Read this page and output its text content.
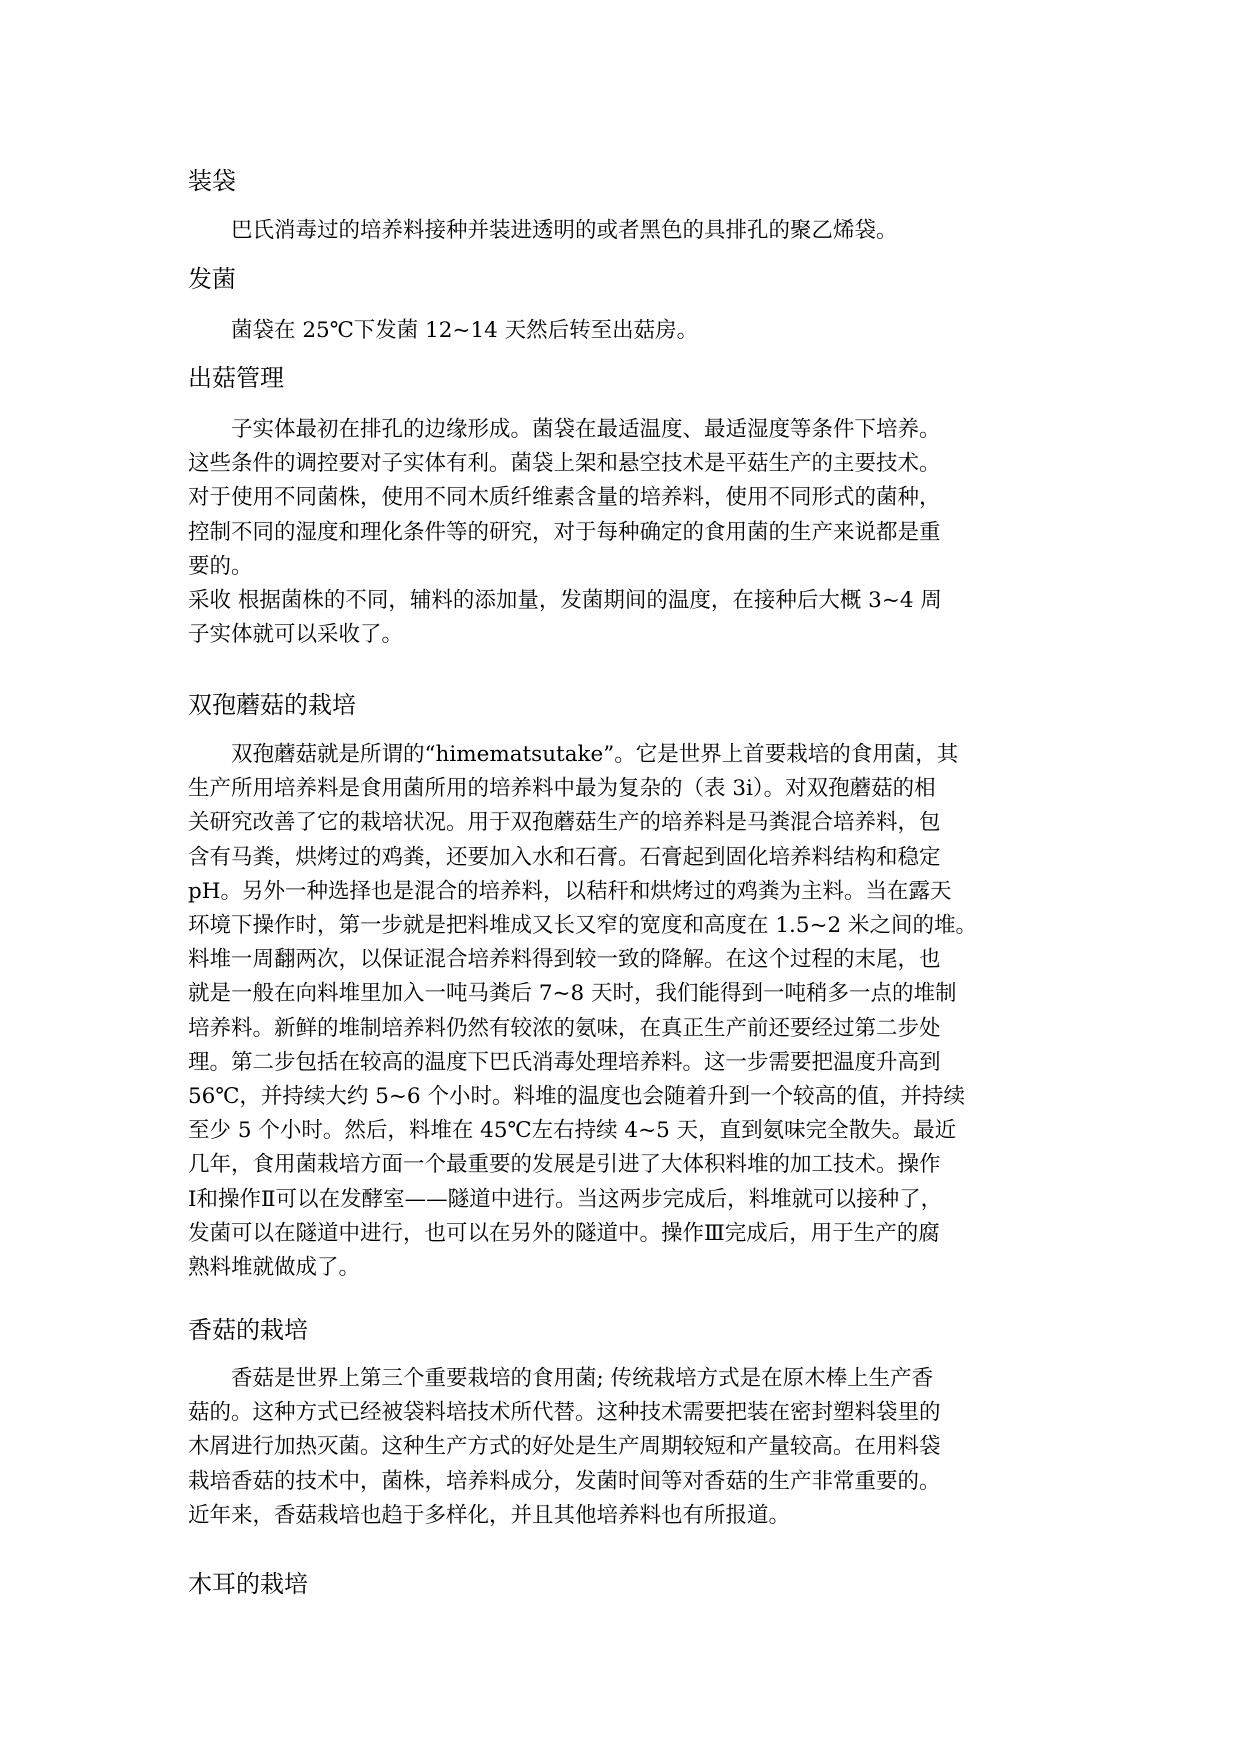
装袋

巴氏消毒过的培养料接种并装进透明的或者黑色的具排孔的聚乙烯袋。

发菌

菌袋在 25℃下发菌 12~14 天然后转至出菇房。

出菇管理

子实体最初在排孔的边缘形成。菌袋在最适温度、最适湿度等条件下培养。
这些条件的调控要对子实体有利。菌袋上架和悬空技术是平菇生产的主要技术。
对于使用不同菌株，使用不同木质纤维素含量的培养料，使用不同形式的菌种，
控制不同的湿度和理化条件等的研究，对于每种确定的食用菌的生产来说都是重
要的。

采收 根据菌株的不同，辅料的添加量，发菌期间的温度，在接种后大概 3~4 周
子实体就可以采收了。

双孢蘑菇的栽培

双孢蘑菇就是所谓的“himematsutake”。它是世界上首要栽培的食用菌，其
生产所用培养料是食用菌所用的培养料中最为复杂的（表 3i）。对双孢蘑菇的相
关研究改善了它的栽培状况。用于双孢蘑菇生产的培养料是马粪混合培养料，包
含有马粪，烘烤过的鸡粪，还要加入水和石膏。石膏起到固化培养料结构和稳定
pH。另外一种选择也是混合的培养料，以秸秆和烘烤过的鸡粪为主料。当在露天
环境下操作时，第一步就是把料堆成又长又窄的宽度和高度在 1.5~2 米之间的堆。
料堆一周翻两次，以保证混合培养料得到较一致的降解。在这个过程的末尾，也
就是一般在向料堆里加入一吨马粪后 7~8 天时，我们能得到一吨稍多一点的堆制
培养料。新鲜的堆制培养料仍然有较浓的氨味，在真正生产前还要经过第二步处
理。第二步包括在较高的温度下巴氏消毒处理培养料。这一步需要把温度升高到
56℃，并持续大约 5~6 个小时。料堆的温度也会随着升到一个较高的值，并持续
至少 5 个小时。然后，料堆在 45℃左右持续 4~5 天，直到氨味完全散失。最近
几年，食用菌栽培方面一个最重要的发展是引进了大体积料堆的加工技术。操作
Ⅰ和操作Ⅱ可以在发酵室——隧道中进行。当这两步完成后，料堆就可以接种了，
发菌可以在隧道中进行，也可以在另外的隧道中。操作Ⅲ完成后，用于生产的腐
熟料堆就做成了。

香菇的栽培

香菇是世界上第三个重要栽培的食用菌; 传统栽培方式是在原木棒上生产香
菇的。这种方式已经被袋料培技术所代替。这种技术需要把装在密封塑料袋里的
木屑进行加热灭菌。这种生产方式的好处是生产周期较短和产量较高。在用料袋
栽培香菇的技术中，菌株，培养料成分，发菌时间等对香菇的生产非常重要的。
近年来，香菇栽培也趋于多样化，并且其他培养料也有所报道。

木耳的栽培
